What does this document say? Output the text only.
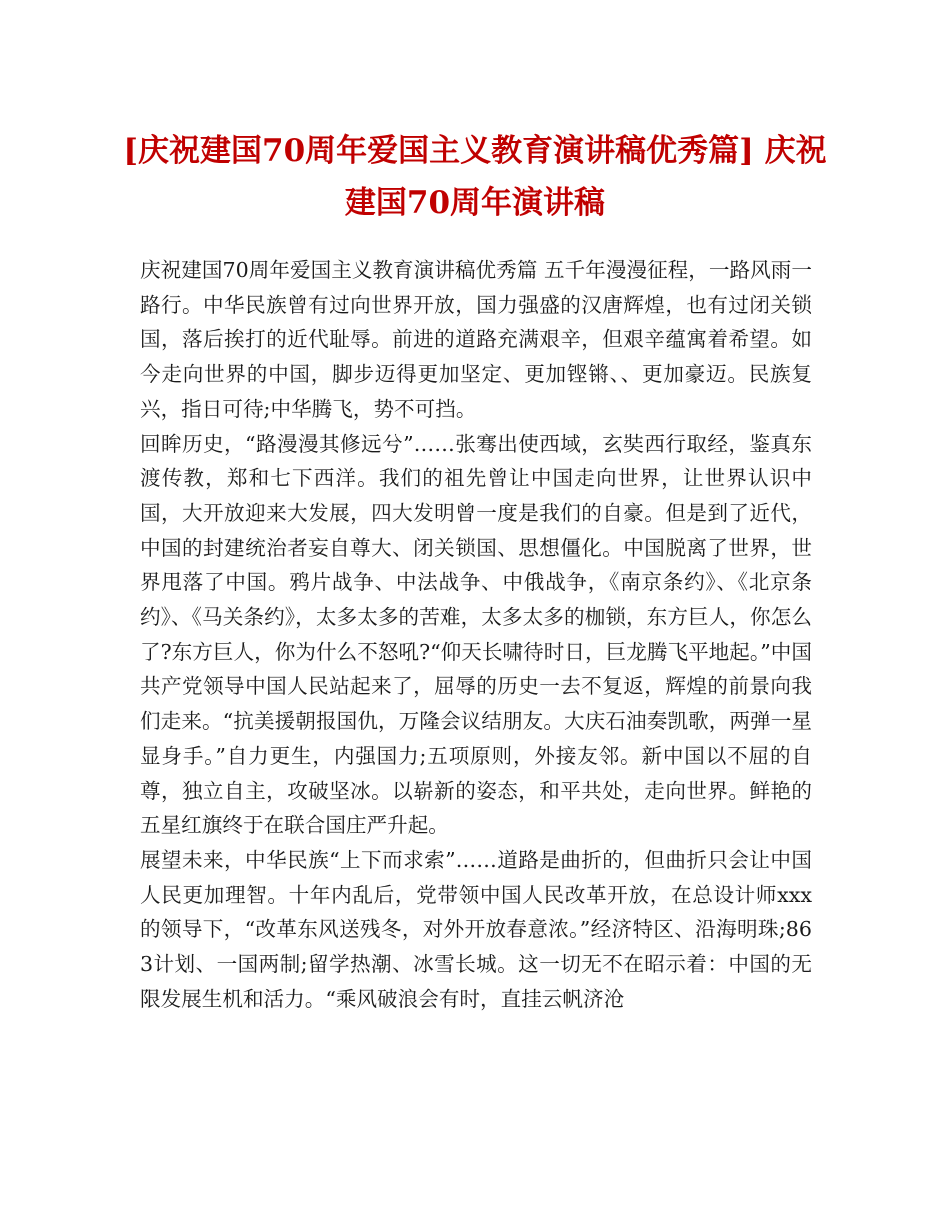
[庆祝建国70周年爱国主义教育演讲稿优秀篇] 庆祝
建国70周年演讲稿

庆祝建国70周年爱国主义教育演讲稿优秀篇 五千年漫漫征程，一路风雨一路行。中华民族曾有过向世界开放，国力强盛的汉唐辉煌，也有过闭关锁国，落后挨打的近代耻辱。前进的道路充满艰辛，但艰辛蕴寓着希望。如今走向世界的中国，脚步迈得更加坚定、更加铿锵、、更加豪迈。民族复兴，指日可待;中华腾飞，势不可挡。

回眸历史，“路漫漫其修远兮”……张骞出使西域，玄奘西行取经，鉴真东渡传教，郑和七下西洋。我们的祖先曾让中国走向世界，让世界认识中国，大开放迎来大发展，四大发明曾一度是我们的自豪。但是到了近代，中国的封建统治者妄自尊大、闭关锁国、思想僵化。中国脱离了世界，世界甩落了中国。鸦片战争、中法战争、中俄战争，《南京条约》、《北京条约》、《马关条约》，太多太多的苦难，太多太多的枷锁，东方巨人，你怎么了?东方巨人，你为什么不怒吼?“仰天长啸待时日，巨龙腾飞平地起。”中国共产党领导中国人民站起来了，屈辱的历史一去不复返，辉煌的前景向我们走来。“抗美援朝报国仇，万隆会议结朋友。大庆石油奏凯歌，两弹一星显身手。”自力更生，内强国力;五项原则，外接友邻。新中国以不屈的自尊，独立自主，攻破坚冰。以崭新的姿态，和平共处，走向世界。鲜艳的五星红旗终于在联合国庄严升起。

展望未来，中华民族“上下而求索”……道路是曲折的，但曲折只会让中国人民更加理智。十年内乱后，党带领中国人民改革开放，在总设计师xxx的领导下，“改革东风送残冬，对外开放春意浓。”经济特区、沿海明珠;863计划、一国两制;留学热潮、冰雪长城。这一切无不在昭示着：中国的无限发展生机和活力。“乘风破浪会有时，直挂云帆济沧
